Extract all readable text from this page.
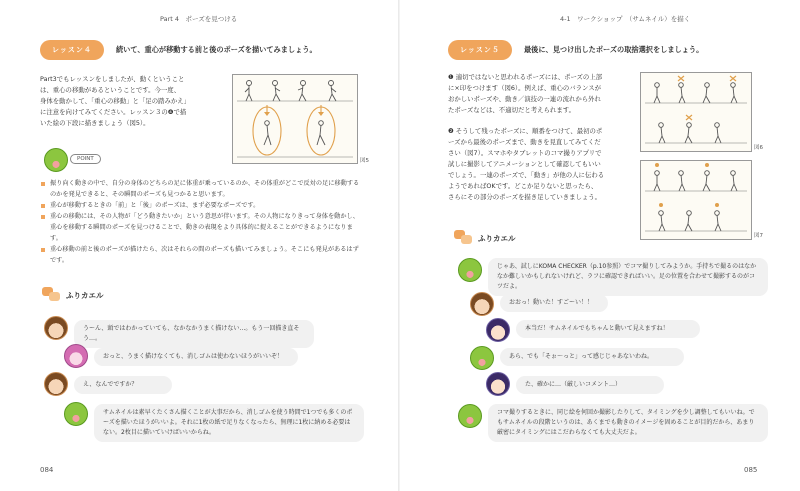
Part 4　ポーズを見つける
レッスン４	続いて、重心が移動する前と後のポーズを描いてみましょう。
Part3でもレッスンをしましたが、動くということ
は、重心の移動があるということです。今一度、
身体を動かして、「重心の移動」と「足の踏みかえ」
に注意を向けてみてください。レッスン３の❹で描
いた絵の下段に描きましょう（図5）。
図5
POINT
振り向く動きの中で、自分の身体のどちらの足に体重が乗っているのか、その体重がどこで反対の足に移動するのかを発見できると、その瞬間のポーズも見つかると思います。
重心が移動するときの「前」と「後」のポーズは、まず必要なポーズです。
重心の移動には、その人物が「どう動きたいか」という意思が伴います。その人物になりきって身体を動かし、重心を移動する瞬間のポーズを見つけることで、動きの表現をより具体的に捉えることができるようになります。
重心移動の前と後のポーズが描けたら、次はそれらの間のポーズも描いてみましょう。そこにも発見があるはずです。
ふりカエル
うーん、頭ではわかっていても、なかなかうまく描けない…。もう一回描き直そう…。
おっと、うまく描けなくても、消しゴムは使わないほうがいいぞ！
え、なんでですか？
サムネイルは素早くたくさん描くことが大事だから、消しゴムを使う時間で1つでも多くのポーズを描いたほうがいいよ。それに1枚の紙で足りなくなったら、無理に1枚に納める必要はない。2枚目に描いていけばいいからね。
084
4-1　ワークショップ　（サムネイル）を描く
レッスン５	最後に、見つけ出したポーズの取捨選択をしましょう。
❶ 適切ではないと思われるポーズには、ポーズの上部
に×印をつけます（図6）。例えば、重心のバランスが
おかしいポーズや、動き／演技の一連の流れから外れ
たポーズなどは、不適切だと考えられます。
❷ そうして残ったポーズに、順番をつけて、最初のポ
ーズから最後のポーズまで、動きを見直してみてくだ
さい（図7）。スマホやタブレットのコマ撮りアプリで
試しに撮影してアニメーションとして確認してもいい
でしょう。一連のポーズで、「動き」が他の人に伝わる
ようであればOKです。どこか足りないと思ったら、
さらにその部分のポーズを描き足していきましょう。
図6
図7
ふりカエル
じゃあ、試しにKOMA CHECKER（p.10参照）でコマ撮りしてみようか。手持ちで撮るのはなかなか難しいかもしれないけれど、ラフに確認できればいい。足の位置を合わせて撮影するのがコツだよ。
おおっ！動いた！すごーい！！
本当だ！サムネイルでもちゃんと動いて見えますね！
あら、でも「そぉ〜っと」って感じじゃあないわね。
た、確かに…（厳しいコメント…）
コマ撮りするときに、同じ絵を何回か撮影したりして、タイミングを少し調整してもいいね。でもサムネイルの段階というのは、あくまでも動きのイメージを固めることが目的だから、あまり厳密にタイミングにはこだわらなくても大丈夫だよ。
085
